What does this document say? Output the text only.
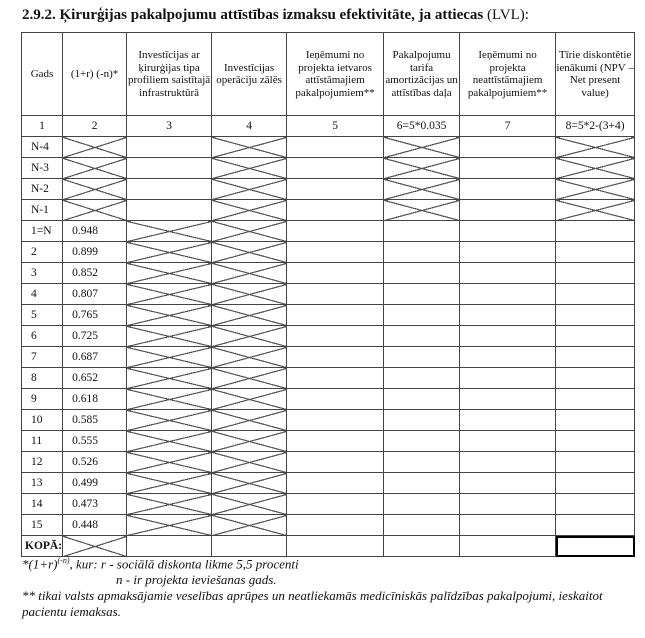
2.9.2. Ķirurģijas pakalpojumu attīstības izmaksu efektivitāte, ja attiecas (LVL):
Gads	(1+r) (-n)*	Investīcijas ar ķirurģijas tipa profiliem saistītajā infrastruktūrā	Investīcijas operāciju zālēs	Ieņēmumi no projekta ietvaros attīstāmajiem pakalpojumiem**	Pakalpojumu tarifa amortizācijas un attīstības daļa	Ieņēmumi no projekta neattīstāmajiem pakalpojumiem**	Tīrie diskontētie ienākumi (NPV – Net present value)
1	2	3	4	5	6=5*0.035	7	8=5*2-(3+4)
N-4							
N-3							
N-2							
N-1							
1=N	0.948						
2	0.899						
3	0.852						
4	0.807						
5	0.765						
6	0.725						
7	0.687						
8	0.652						
9	0.618						
10	0.585						
11	0.555						
12	0.526						
13	0.499						
14	0.473						
15	0.448						
KOPĀ:							
$*(1+r)^{(-n)}$, kur: r - sociālā diskonta likme 5,5 procenti
n - ir projekta ieviešanas gads.
** tikai valsts apmaksājamie veselības aprūpes un neatliekamās medicīniskās palīdzības pakalpojumi, ieskaitot pacientu iemaksas.
